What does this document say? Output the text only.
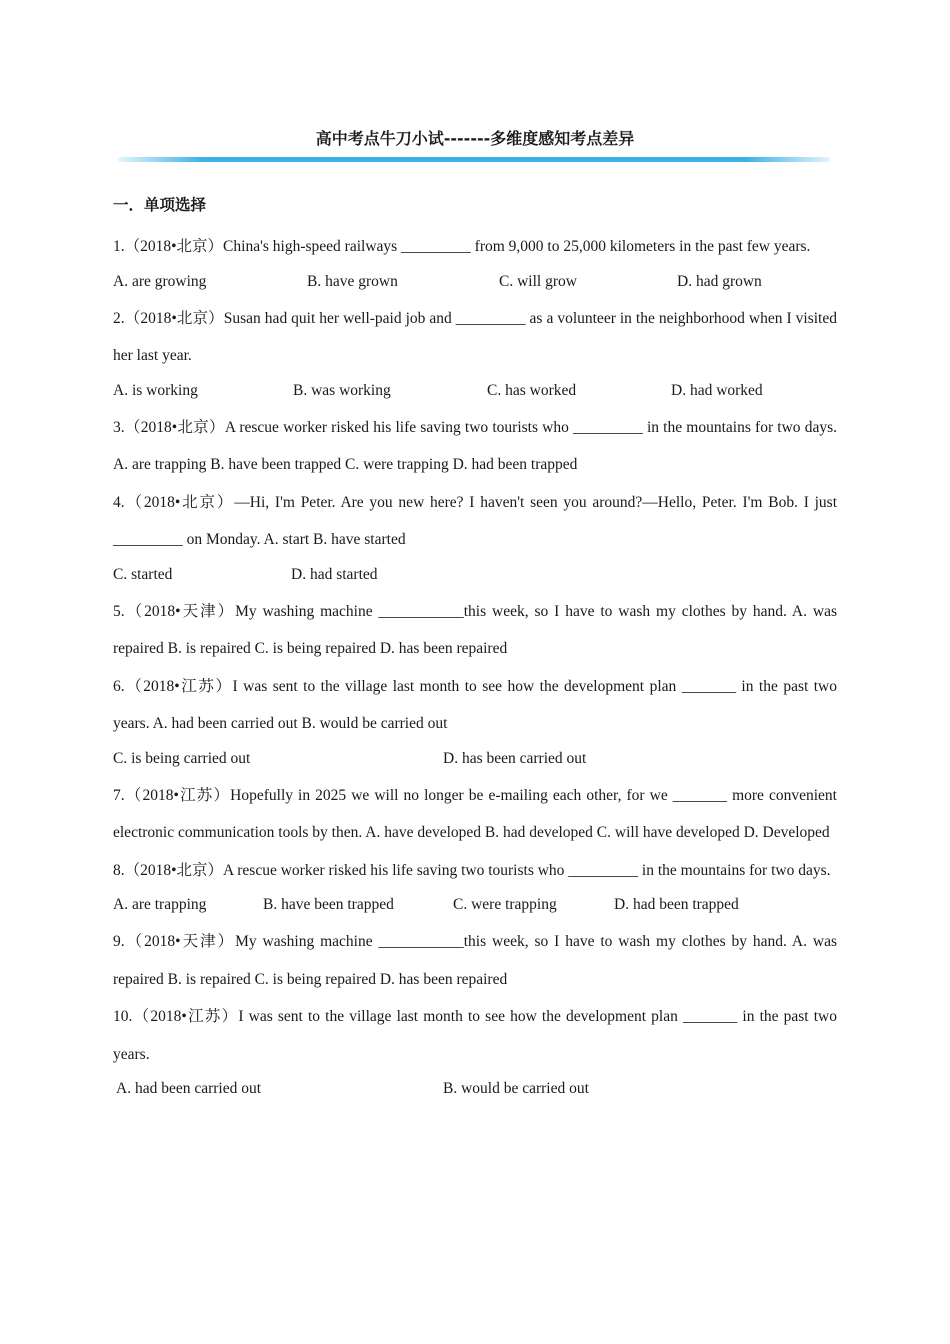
高中考点牛刀小试-------多维度感知考点差异
一．单项选择
1.（2018•北京）China's high-speed railways _________ from 9,000 to 25,000 kilometers in the past few years.
A. are growing	B. have grown	C. will grow	D. had grown
2.（2018•北京）Susan had quit her well-paid job and _________ as a volunteer in the neighborhood when I visited her last year.
A. is working	B. was working	C. has worked	D. had worked
3.（2018•北京）A rescue worker risked his life saving two tourists who _________ in the mountains for two days. A. are trapping B. have been trapped C. were trapping D. had been trapped
4.（2018•北京）—Hi, I'm Peter. Are you new here? I haven't seen you around?—Hello, Peter. I'm Bob. I just _________ on Monday. A. start B. have started
C. started	D. had started
5.（2018•天津）My washing machine ___________this week, so I have to wash my clothes by hand. A. was repaired B. is repaired C. is being repaired D. has been repaired
6.（2018•江苏）I was sent to the village last month to see how the development plan _______ in the past two years. A. had been carried out B. would be carried out
C. is being carried out	D. has been carried out
7.（2018•江苏）Hopefully in 2025 we will no longer be e-mailing each other, for we _______ more convenient electronic communication tools by then. A. have developed B. had developed C. will have developed D. Developed
8.（2018•北京）A rescue worker risked his life saving two tourists who _________ in the mountains for two days.
A. are trapping	B. have been trapped	C. were trapping	D. had been trapped
9.（2018•天津）My washing machine ___________this week, so I have to wash my clothes by hand. A. was repaired B. is repaired C. is being repaired D. has been repaired
10.（2018•江苏）I was sent to the village last month to see how the development plan _______ in the past two years.
A. had been carried out	B. would be carried out
